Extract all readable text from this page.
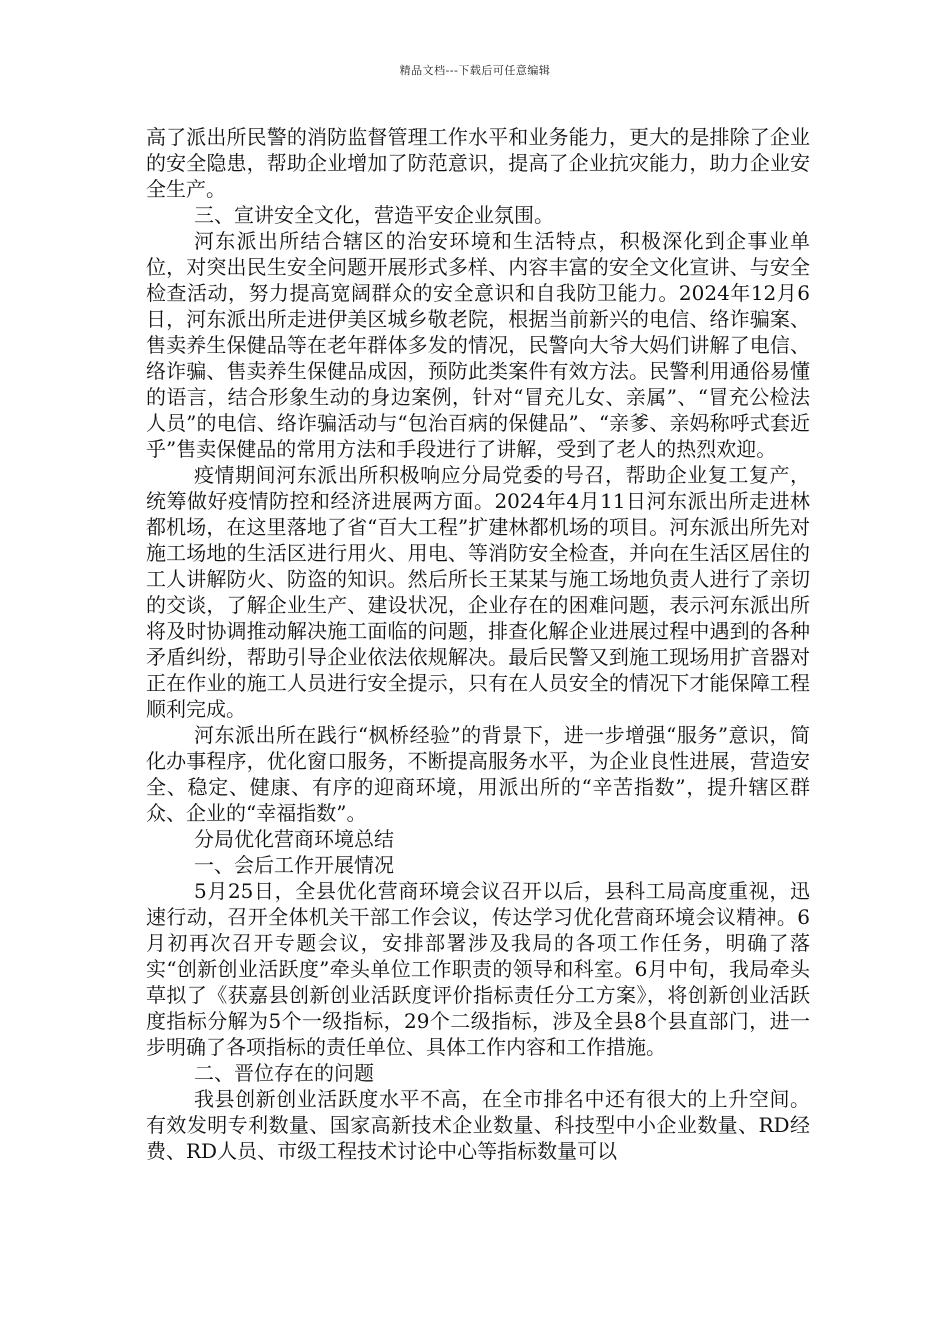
精品文档---下载后可任意编辑

高了派出所民警的消防监督管理工作水平和业务能力，更大的是排除了企业的安全隐患，帮助企业增加了防范意识，提高了企业抗灾能力，助力企业安全生产。

三、宣讲安全文化，营造平安企业氛围。

河东派出所结合辖区的治安环境和生活特点，积极深化到企事业单位，对突出民生安全问题开展形式多样、内容丰富的安全文化宣讲、与安全检查活动，努力提高宽阔群众的安全意识和自我防卫能力。2024年12月6日，河东派出所走进伊美区城乡敬老院，根据当前新兴的电信、络诈骗案、售卖养生保健品等在老年群体多发的情况，民警向大爷大妈们讲解了电信、络诈骗、售卖养生保健品成因，预防此类案件有效方法。民警利用通俗易懂的语言，结合形象生动的身边案例，针对“冒充儿女、亲属”、“冒充公检法人员”的电信、络诈骗活动与“包治百病的保健品”、“亲爹、亲妈称呼式套近乎”售卖保健品的常用方法和手段进行了讲解，受到了老人的热烈欢迎。

疫情期间河东派出所积极响应分局党委的号召，帮助企业复工复产，统筹做好疫情防控和经济进展两方面。2024年4月11日河东派出所走进林都机场，在这里落地了省“百大工程”扩建林都机场的项目。河东派出所先对施工场地的生活区进行用火、用电、等消防安全检查，并向在生活区居住的工人讲解防火、防盗的知识。然后所长王某某与施工场地负责人进行了亲切的交谈，了解企业生产、建设状况，企业存在的困难问题，表示河东派出所将及时协调推动解决施工面临的问题，排查化解企业进展过程中遇到的各种矛盾纠纷，帮助引导企业依法依规解决。最后民警又到施工现场用扩音器对正在作业的施工人员进行安全提示，只有在人员安全的情况下才能保障工程顺利完成。

河东派出所在践行“枫桥经验”的背景下，进一步增强“服务”意识，简化办事程序，优化窗口服务，不断提高服务水平，为企业良性进展，营造安全、稳定、健康、有序的迎商环境，用派出所的“辛苦指数”，提升辖区群众、企业的“幸福指数”。

分局优化营商环境总结

一、会后工作开展情况

5月25日，全县优化营商环境会议召开以后，县科工局高度重视，迅速行动，召开全体机关干部工作会议，传达学习优化营商环境会议精神。6月初再次召开专题会议，安排部署涉及我局的各项工作任务，明确了落实“创新创业活跃度”牵头单位工作职责的领导和科室。6月中旬，我局牵头草拟了《获嘉县创新创业活跃度评价指标责任分工方案》，将创新创业活跃度指标分解为5个一级指标，29个二级指标，涉及全县8个县直部门，进一步明确了各项指标的责任单位、具体工作内容和工作措施。

二、晋位存在的问题

我县创新创业活跃度水平不高，在全市排名中还有很大的上升空间。有效发明专利数量、国家高新技术企业数量、科技型中小企业数量、RD经费、RD人员、市级工程技术讨论中心等指标数量可以
